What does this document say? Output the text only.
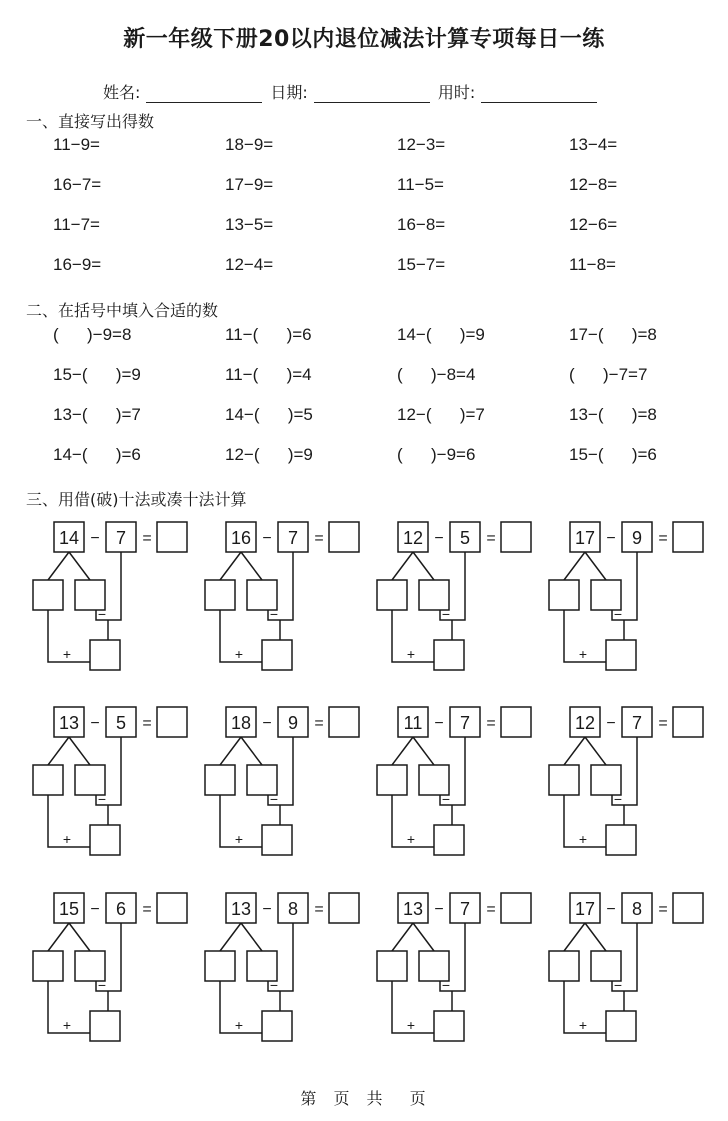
新一年级下册20以内退位减法计算专项每日一练
姓名:	日期:	用时:
一、直接写出得数
11−9=	18−9=	12−3=	13−4=
16−7=	17−9=	11−5=	12−8=
11−7=	13−5=	16−8=	12−6=
16−9=	12−4=	15−7=	11−8=
二、在括号中填入合适的数
(      )−9=8	11−(      )=6	14−(      )=9	17−(      )=8
15−(      )=9	11−(      )=4	(      )−8=4	(      )−7=7
13−(      )=7	14−(      )=5	12−(      )=7	13−(      )=8
14−(      )=6	12−(      )=9	(      )−9=6	15−(      )=6
三、用借(破)十法或凑十法计算
14 7
−	=
−
+
16 7
−	=
−
+
12 5
−	=
−
+
17 9
−	=
−
+
13 5
−	=
−
+
18 9
−	=
−
+
11 7
−	=
−
+
12 7
−	=
−
+
15 6
−	=
−
+
13 8
−	=
−
+
13 7
−	=
−
+
17 8
−	=
−
+
第 页 共 页
